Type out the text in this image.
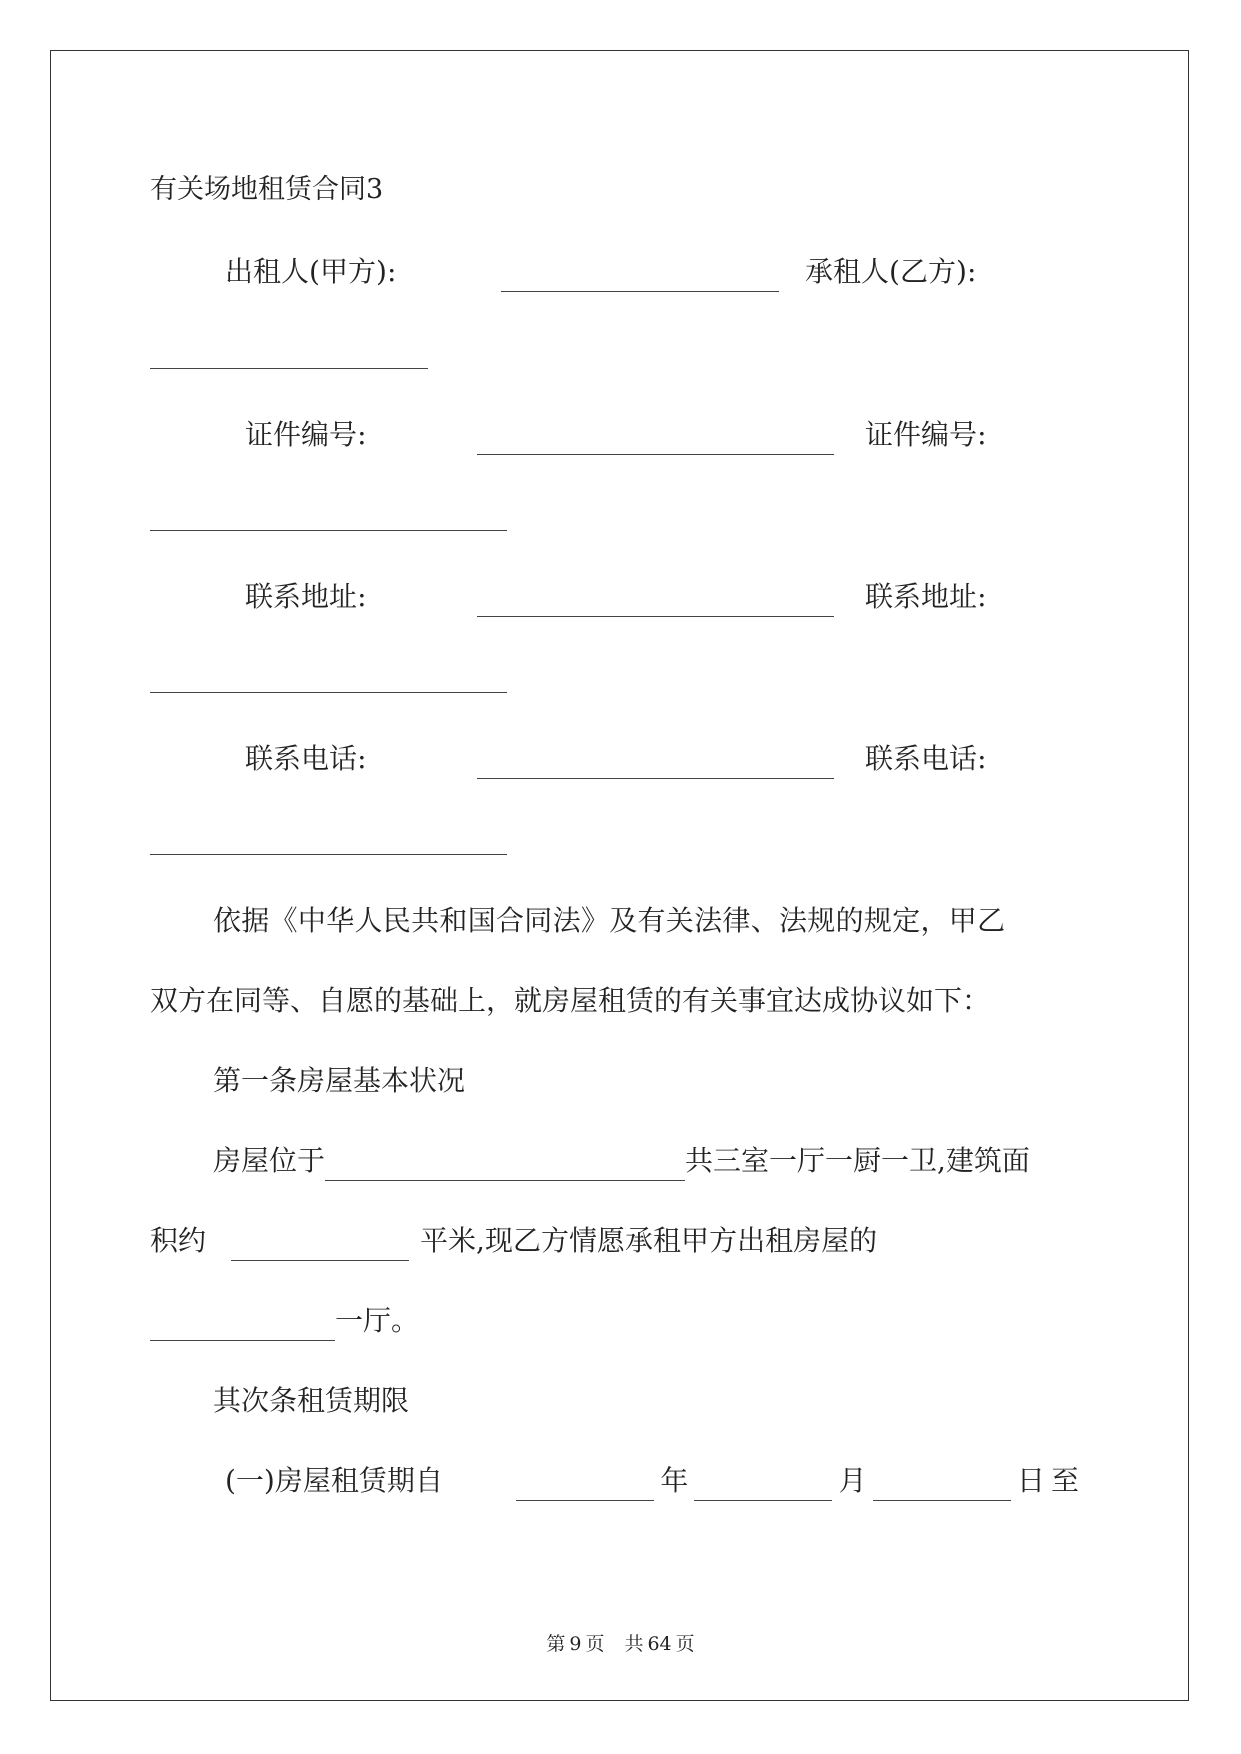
有关场地租赁合同3
出租人(甲方):	承租人(乙方):
证件编号:	证件编号:
联系地址:	联系地址:
联系电话:	联系电话:
依据《中华人民共和国合同法》及有关法律、法规的规定，甲乙
双方在同等、自愿的基础上，就房屋租赁的有关事宜达成协议如下：
第一条房屋基本状况
房屋位于	共三室一厅一厨一卫,建筑面
积约	平米,现乙方情愿承租甲方出租房屋的
一厅。
其次条租赁期限
(一)房屋租赁期自	年	月	日至
第 9 页 共 64 页
